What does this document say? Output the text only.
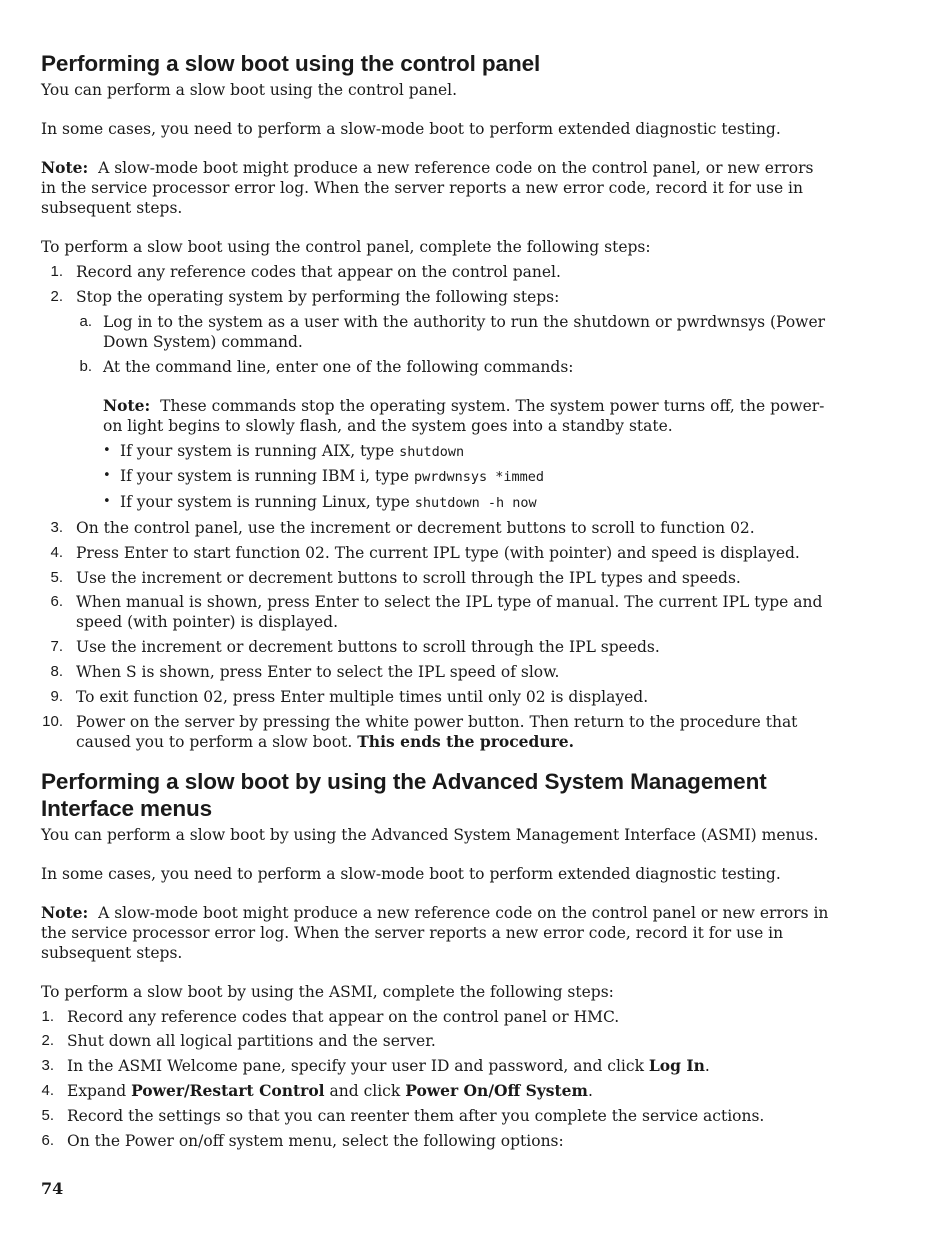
Performing a slow boot using the control panel

You can perform a slow boot using the control panel.

In some cases, you need to perform a slow-mode boot to perform extended diagnostic testing.

Note: A slow-mode boot might produce a new reference code on the control panel, or new errors in the service processor error log. When the server reports a new error code, record it for use in subsequent steps.

To perform a slow boot using the control panel, complete the following steps:

1. Record any reference codes that appear on the control panel.
2. Stop the operating system by performing the following steps:
a. Log in to the system as a user with the authority to run the shutdown or pwrdwnsys (Power Down System) command.
b. At the command line, enter one of the following commands:

Note: These commands stop the operating system. The system power turns off, the power-on light begins to slowly flash, and the system goes into a standby state.

• If your system is running AIX, type shutdown
• If your system is running IBM i, type pwrdwnsys *immed
• If your system is running Linux, type shutdown -h now
3. On the control panel, use the increment or decrement buttons to scroll to function 02.
4. Press Enter to start function 02. The current IPL type (with pointer) and speed is displayed.
5. Use the increment or decrement buttons to scroll through the IPL types and speeds.
6. When manual is shown, press Enter to select the IPL type of manual. The current IPL type and speed (with pointer) is displayed.
7. Use the increment or decrement buttons to scroll through the IPL speeds.
8. When S is shown, press Enter to select the IPL speed of slow.
9. To exit function 02, press Enter multiple times until only 02 is displayed.
10. Power on the server by pressing the white power button. Then return to the procedure that caused you to perform a slow boot. This ends the procedure.
Performing a slow boot by using the Advanced System Management Interface menus

You can perform a slow boot by using the Advanced System Management Interface (ASMI) menus.

In some cases, you need to perform a slow-mode boot to perform extended diagnostic testing.

Note: A slow-mode boot might produce a new reference code on the control panel or new errors in the service processor error log. When the server reports a new error code, record it for use in subsequent steps.

To perform a slow boot by using the ASMI, complete the following steps:

1. Record any reference codes that appear on the control panel or HMC.
2. Shut down all logical partitions and the server.
3. In the ASMI Welcome pane, specify your user ID and password, and click Log In.
4. Expand Power/Restart Control and click Power On/Off System.
5. Record the settings so that you can reenter them after you complete the service actions.
6. On the Power on/off system menu, select the following options:
74
